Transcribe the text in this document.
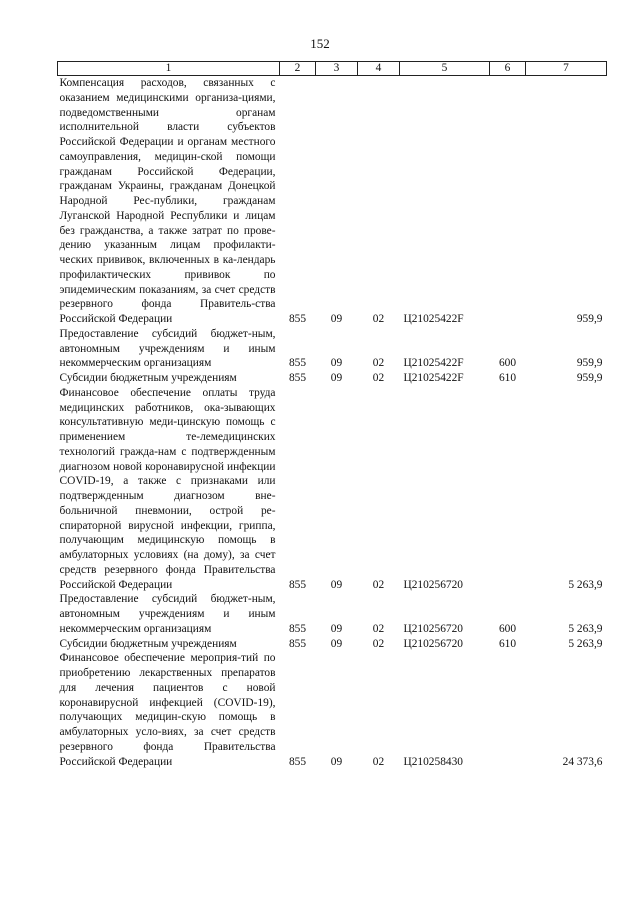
152
1	2	3	4	5	6	7
Компенсация расходов, связанных с оказанием медицинскими организа-циями, подведомственными органам исполнительной власти субъектов Российской Федерации и органам местного самоуправления, медицин-ской помощи гражданам Российской Федерации, гражданам Украины, гражданам Донецкой Народной Рес-публики, гражданам Луганской Народной Республики и лицам без гражданства, а также затрат по прове-дению указанным лицам профилакти-ческих прививок, включенных в ка-лендарь профилактических прививок по эпидемическим показаниям, за счет средств резервного фонда Правитель-ства Российской Федерации	855	09	02	Ц21025422F		959,9
Предоставление субсидий бюджет-ным, автономным учреждениям и иным некоммерческим организациям	855	09	02	Ц21025422F	600	959,9
Субсидии бюджетным учреждениям	855	09	02	Ц21025422F	610	959,9
Финансовое обеспечение оплаты труда медицинских работников, ока-зывающих консультативную меди-цинскую помощь с применением те-лемедицинских технологий гражда-нам с подтвержденным диагнозом новой коронавирусной инфекции COVID-19, а также с признаками или подтвержденным диагнозом вне-больничной пневмонии, острой ре-спираторной вирусной инфекции, гриппа, получающим медицинскую помощь в амбулаторных условиях (на дому), за счет средств резервного фонда Правительства Российской Федерации	855	09	02	Ц210256720		5 263,9
Предоставление субсидий бюджет-ным, автономным учреждениям и иным некоммерческим организациям	855	09	02	Ц210256720	600	5 263,9
Субсидии бюджетным учреждениям	855	09	02	Ц210256720	610	5 263,9
Финансовое обеспечение мероприя-тий по приобретению лекарственных препаратов для лечения пациентов с новой коронавирусной инфекцией (COVID-19), получающих медицин-скую помощь в амбулаторных усло-виях, за счет средств резервного фонда Правительства Российской Федерации	855	09	02	Ц210258430		24 373,6
